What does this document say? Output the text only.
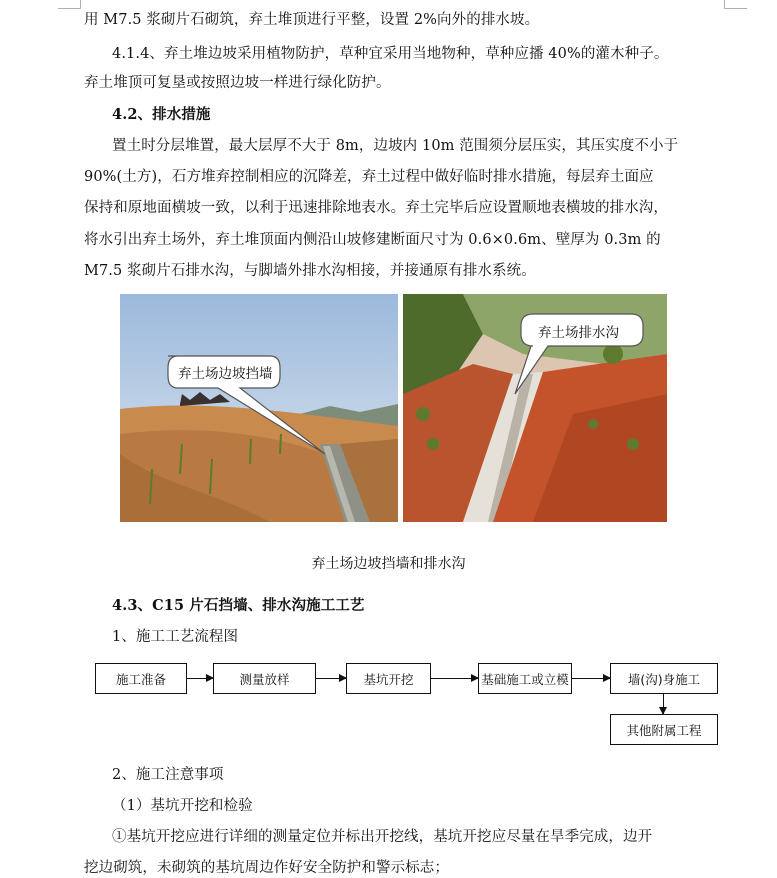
用 M7.5 浆砌片石砌筑，弃土堆顶进行平整，设置 2%向外的排水坡。
4.1.4、弃土堆边坡采用植物防护，草种宜采用当地物种，草种应播 40%的灌木种子。
弃土堆顶可复垦或按照边坡一样进行绿化防护。
4.2、排水措施
置土时分层堆置，最大层厚不大于 8m，边坡内 10m 范围须分层压实，其压实度不小于
90%(土方)，石方堆弃控制相应的沉降差，弃土过程中做好临时排水措施，每层弃土面应
保持和原地面横坡一致，以利于迅速排除地表水。弃土完毕后应设置顺地表横坡的排水沟，
将水引出弃土场外，弃土堆顶面内侧沿山坡修建断面尺寸为 0.6×0.6m、壁厚为 0.3m 的
M7.5 浆砌片石排水沟，与脚墙外排水沟相接，并接通原有排水系统。
弃土场边坡挡墙
弃土场排水沟
弃土场边坡挡墙和排水沟
4.3、C15 片石挡墙、排水沟施工工艺
1、施工工艺流程图
施工准备	测量放样	基坑开挖	基础施工或立模	墙(沟)身施工
其他附属工程
2、施工注意事项
（1）基坑开挖和检验
①基坑开挖应进行详细的测量定位并标出开挖线，基坑开挖应尽量在旱季完成，边开
挖边砌筑，未砌筑的基坑周边作好安全防护和警示标志；
